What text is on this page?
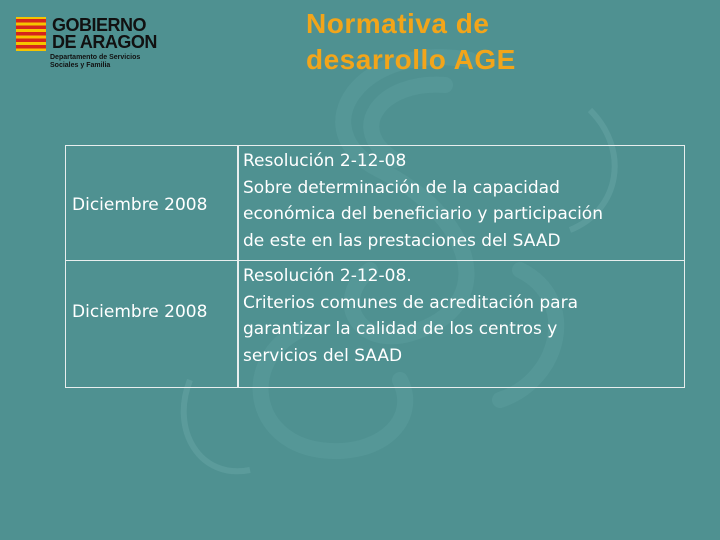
GOBIERNO
DE ARAGON
Departamento de Servicios
Sociales y Familia
Normativa de
desarrollo AGE
Diciembre 2008
Resolución 2-12-08
Sobre determinación de la capacidad
económica del beneficiario y participación
de este en las prestaciones del SAAD
Diciembre 2008
Resolución 2-12-08.
Criterios comunes de acreditación para
garantizar la calidad de los centros y
servicios del SAAD
